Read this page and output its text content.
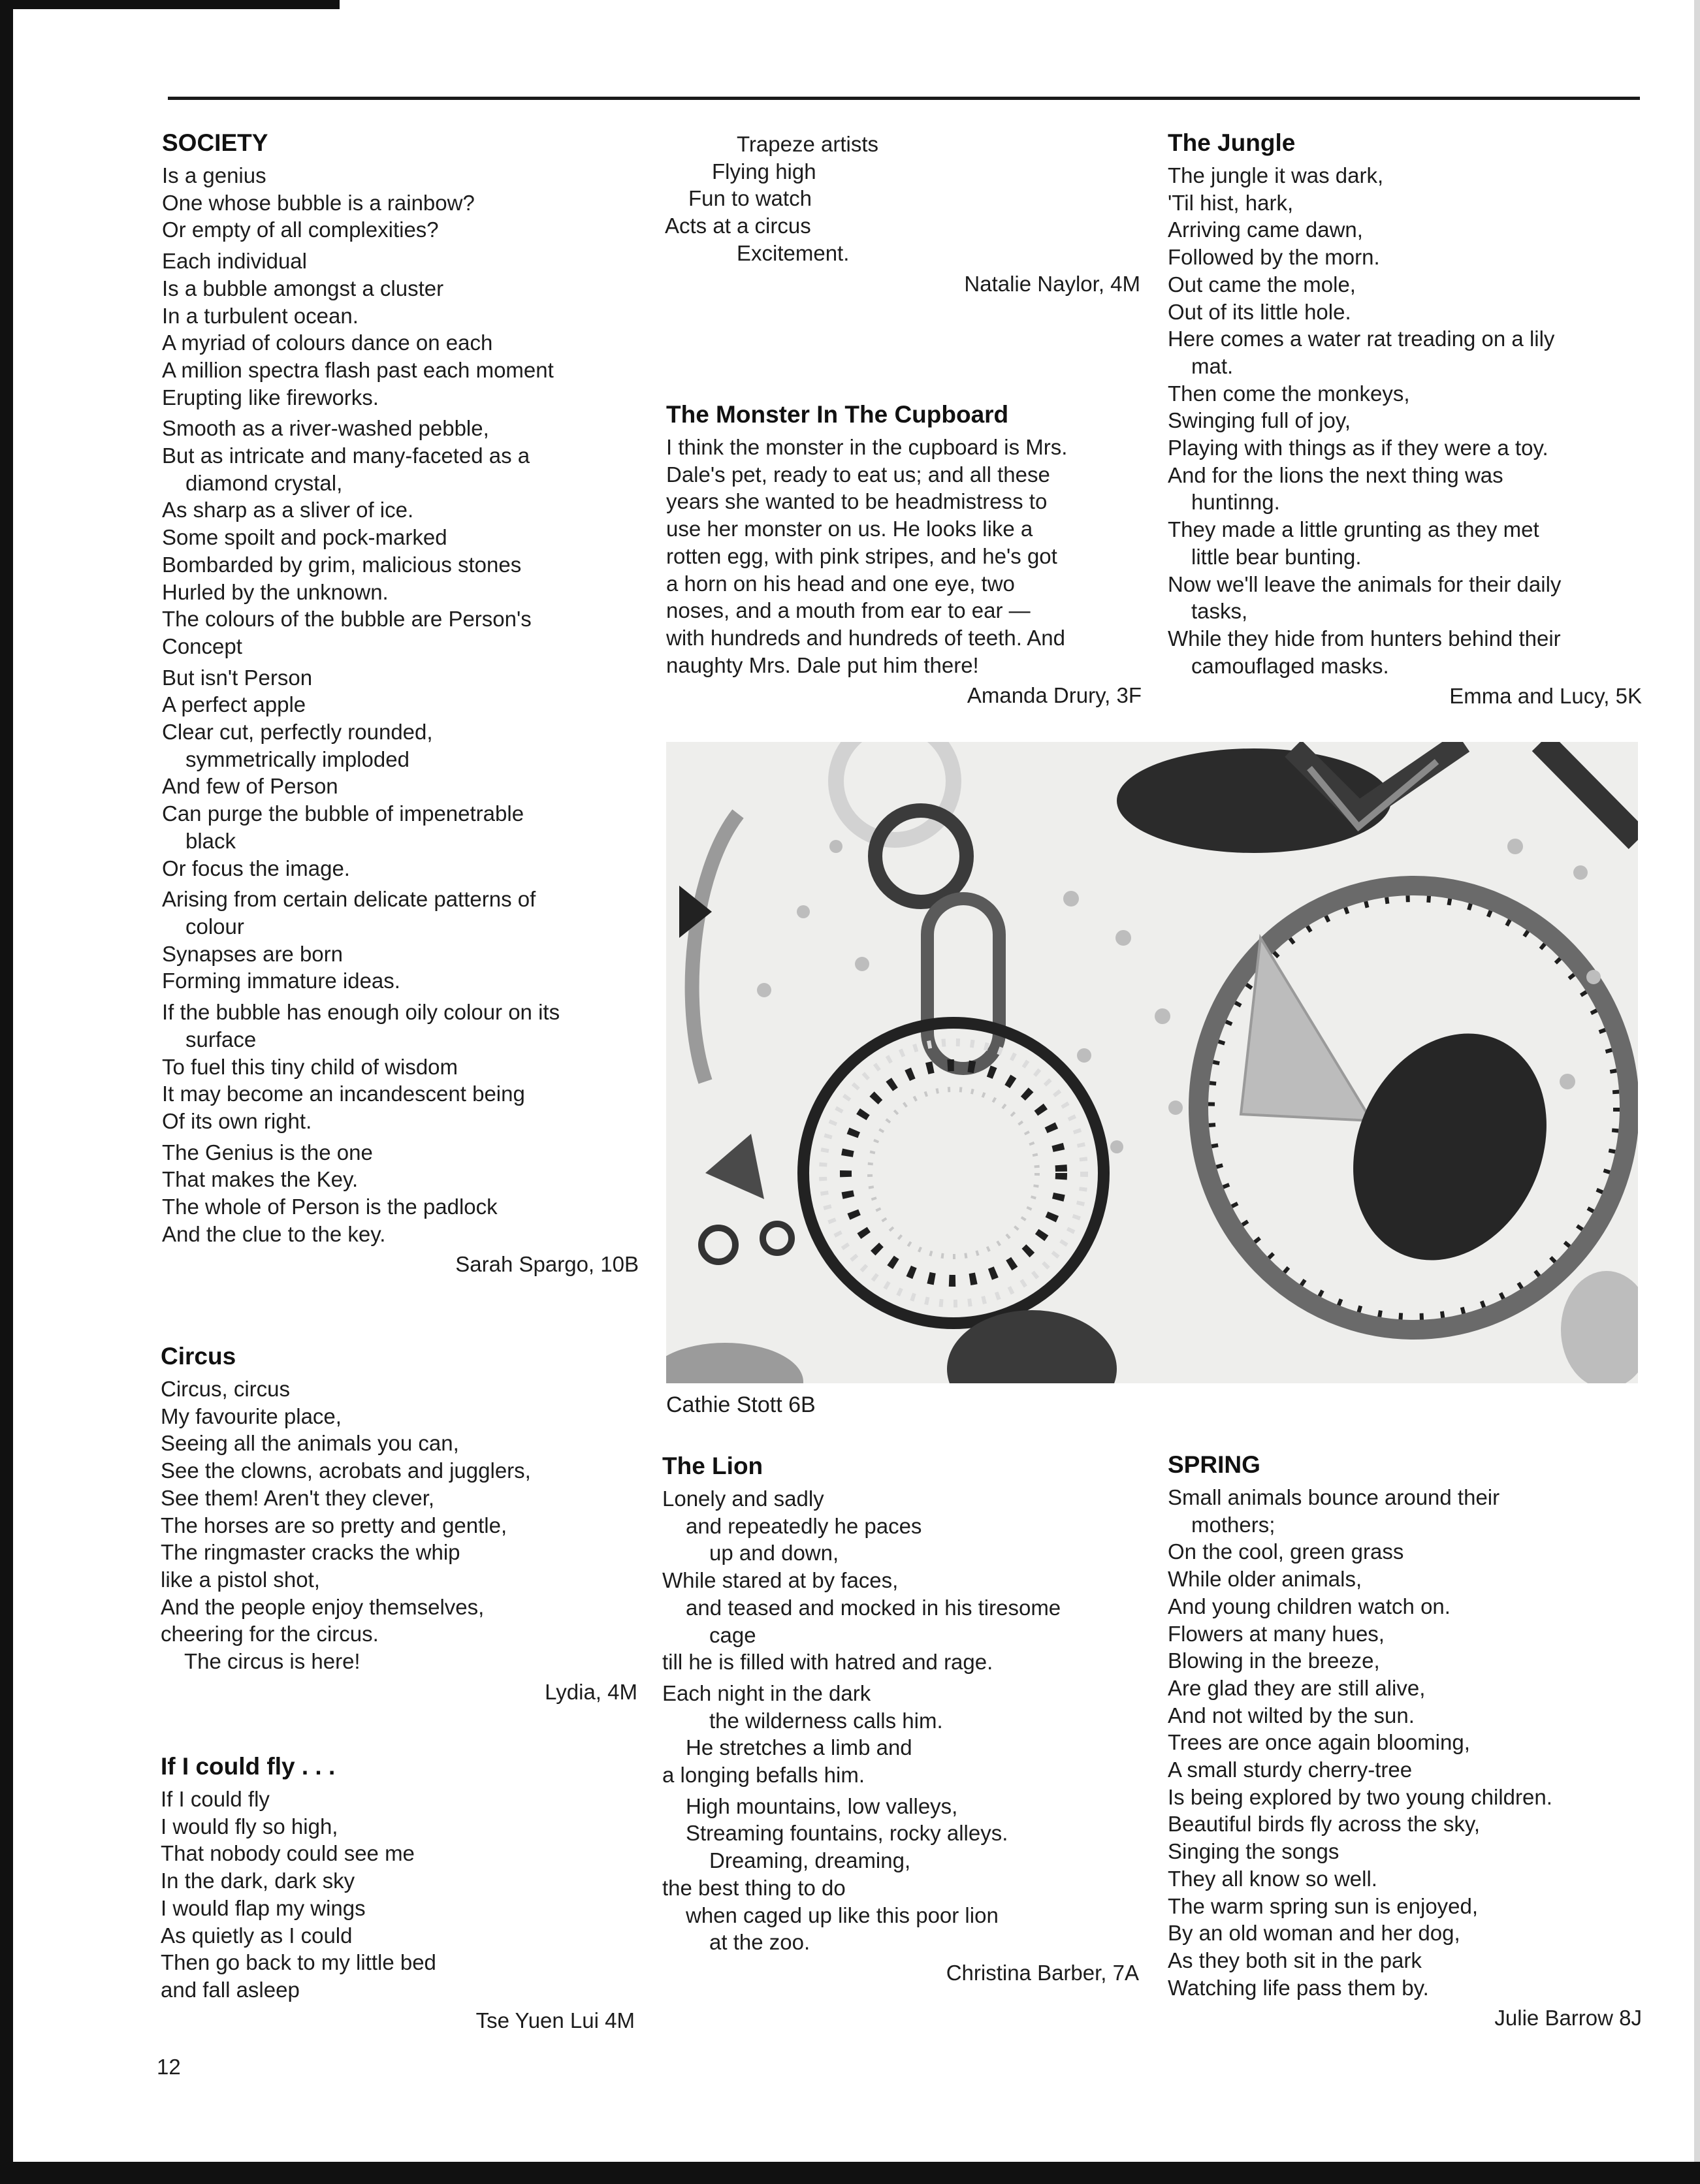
SOCIETY
Is a genius
One whose bubble is a rainbow?
Or empty of all complexities?
Each individual
Is a bubble amongst a cluster
In a turbulent ocean.
A myriad of colours dance on each
A million spectra flash past each moment
Erupting like fireworks.
Smooth as a river-washed pebble,
But as intricate and many-faceted as a
diamond crystal,
As sharp as a sliver of ice.
Some spoilt and pock-marked
Bombarded by grim, malicious stones
Hurled by the unknown.
The colours of the bubble are Person's
Concept
But isn't Person
A perfect apple
Clear cut, perfectly rounded,
symmetrically imploded
And few of Person
Can purge the bubble of impenetrable
black
Or focus the image.
Arising from certain delicate patterns of
colour
Synapses are born
Forming immature ideas.
If the bubble has enough oily colour on its
surface
To fuel this tiny child of wisdom
It may become an incandescent being
Of its own right.
The Genius is the one
That makes the Key.
The whole of Person is the padlock
And the clue to the key.
Sarah Spargo, 10B
Circus
Circus, circus
My favourite place,
Seeing all the animals you can,
See the clowns, acrobats and jugglers,
See them! Aren't they clever,
The horses are so pretty and gentle,
The ringmaster cracks the whip
like a pistol shot,
And the people enjoy themselves,
cheering for the circus.
The circus is here!
Lydia, 4M
If I could fly . . .
If I could fly
I would fly so high,
That nobody could see me
In the dark, dark sky
I would flap my wings
As quietly as I could
Then go back to my little bed
and fall asleep
Tse Yuen Lui 4M
Trapeze artists
Flying high
Fun to watch
Acts at a circus
Excitement.
Natalie Naylor, 4M
The Monster In The Cupboard
I think the monster in the cupboard is Mrs.
Dale's pet, ready to eat us; and all these
years she wanted to be headmistress to
use her monster on us. He looks like a
rotten egg, with pink stripes, and he's got
a horn on his head and one eye, two
noses, and a mouth from ear to ear —
with hundreds and hundreds of teeth. And
naughty Mrs. Dale put him there!
Amanda Drury, 3F
The Jungle
The jungle it was dark,
'Til hist, hark,
Arriving came dawn,
Followed by the morn.
Out came the mole,
Out of its little hole.
Here comes a water rat treading on a lily
mat.
Then come the monkeys,
Swinging full of joy,
Playing with things as if they were a toy.
And for the lions the next thing was
huntinng.
They made a little grunting as they met
little bear bunting.
Now we'll leave the animals for their daily
tasks,
While they hide from hunters behind their
camouflaged masks.
Emma and Lucy, 5K
Cathie Stott 6B
The Lion
Lonely and sadly
and repeatedly he paces
up and down,
While stared at by faces,
and teased and mocked in his tiresome
cage
till he is filled with hatred and rage.
Each night in the dark
the wilderness calls him.
He stretches a limb and
a longing befalls him.
High mountains, low valleys,
Streaming fountains, rocky alleys.
Dreaming, dreaming,
the best thing to do
when caged up like this poor lion
at the zoo.
Christina Barber, 7A
SPRING
Small animals bounce around their
mothers;
On the cool, green grass
While older animals,
And young children watch on.
Flowers at many hues,
Blowing in the breeze,
Are glad they are still alive,
And not wilted by the sun.
Trees are once again blooming,
A small sturdy cherry-tree
Is being explored by two young children.
Beautiful birds fly across the sky,
Singing the songs
They all know so well.
The warm spring sun is enjoyed,
By an old woman and her dog,
As they both sit in the park
Watching life pass them by.
Julie Barrow 8J
12
